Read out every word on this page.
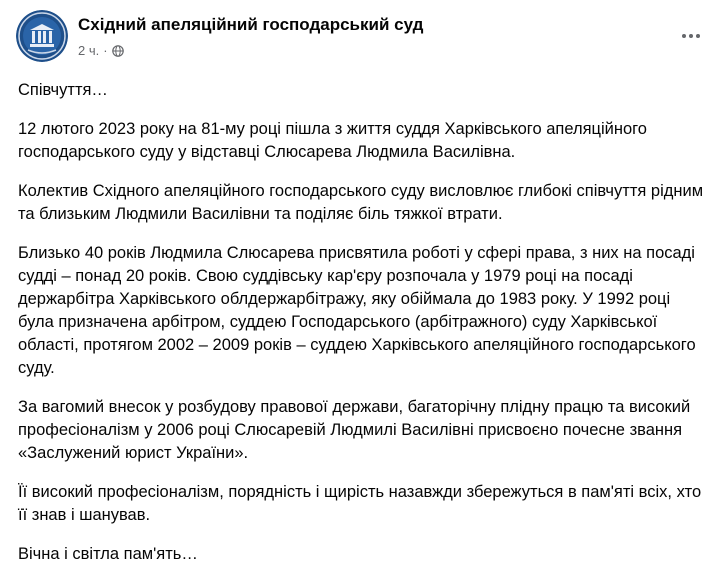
Східний апеляційний господарський суд
2 ч. ·

Співчуття…

12 лютого 2023 року на 81-му році пішла з життя суддя Харківського апеляційного господарського суду у відставці Слюсарева Людмила Василівна.

Колектив Східного апеляційного господарського суду висловлює глибокі співчуття рідним та близьким Людмили Василівни та поділяє біль тяжкої втрати.

Близько 40 років Людмила Слюсарева присвятила роботі у сфері права, з них на посаді судді – понад 20 років. Свою суддівську кар'єру розпочала у 1979 році на посаді держарбітра Харківського облдержарбітражу, яку обіймала до 1983 року. У 1992 році була призначена арбітром, суддею Господарського (арбітражного) суду Харківської області, протягом 2002 – 2009 років – суддею Харківського апеляційного господарського суду.

За вагомий внесок у розбудову правової держави, багаторічну плідну працю та високий професіоналізм у 2006 році Слюсаревій Людмилі Василівні присвоєно почесне звання «Заслужений юрист України».

Її високий професіоналізм, порядність і щирість назавжди збережуться в пам'яті всіх, хто її знав і шанував.

Вічна і світла пам'ять…
